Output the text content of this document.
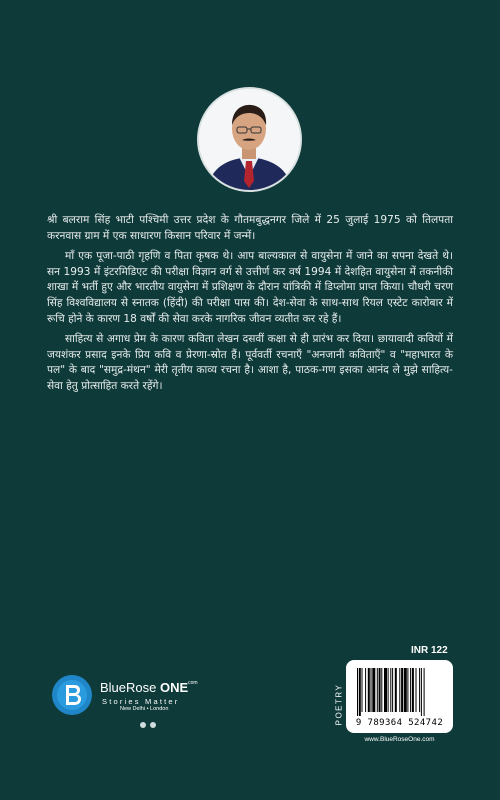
श्री बलराम सिंह भाटी पश्चिमी उत्तर प्रदेश के गौतमबुद्धनगर जिले में 25 जुलाई 1975 को तिलपता करनवास ग्राम में एक साधारण किसान परिवार में जन्में।

माँ एक पूजा-पाठी गृहणि व पिता कृषक थे। आप बाल्यकाल से वायुसेना में जाने का सपना देखते थे। सन 1993 में इंटरमिडिएट की परीक्षा विज्ञान वर्ग से उत्तीर्ण कर वर्ष 1994 में देशहित वायुसेना में तकनीकी शाखा में भर्ती हुए और भारतीय वायुसेना में प्रशिक्षण के दौरान यांत्रिकी में डिप्लोमा प्राप्त किया। चौधरी चरण सिंह विश्वविद्यालय से स्नातक (हिंदी) की परीक्षा पास की। देश-सेवा के साथ-साथ रियल एस्टेट कारोबार में रूचि होने के कारण 18 वर्षों की सेवा करके नागरिक जीवन व्यतीत कर रहे हैं।

साहित्य से अगाध प्रेम के कारण कविता लेखन दसवीं कक्षा से ही प्रारंभ कर दिया। छायावादी कवियों में जयशंकर प्रसाद इनके प्रिय कवि व प्रेरणा-स्रोत हैं। पूर्ववर्ती रचनाएँ "अनजानी कविताएँ" व "महाभारत के पल" के बाद "समुद्र-मंथन" मेरी तृतीय काव्य रचना है। आशा है, पाठक-गण इसका आनंद ले मुझे साहित्य-सेवा हेतु प्रोत्साहित करते रहेंगे।

BlueRose $ONE^{com}$
Stories Matter
New Delhi • London
INR 122
POETRY	9 789364 524742
www.BlueRoseOne.com
